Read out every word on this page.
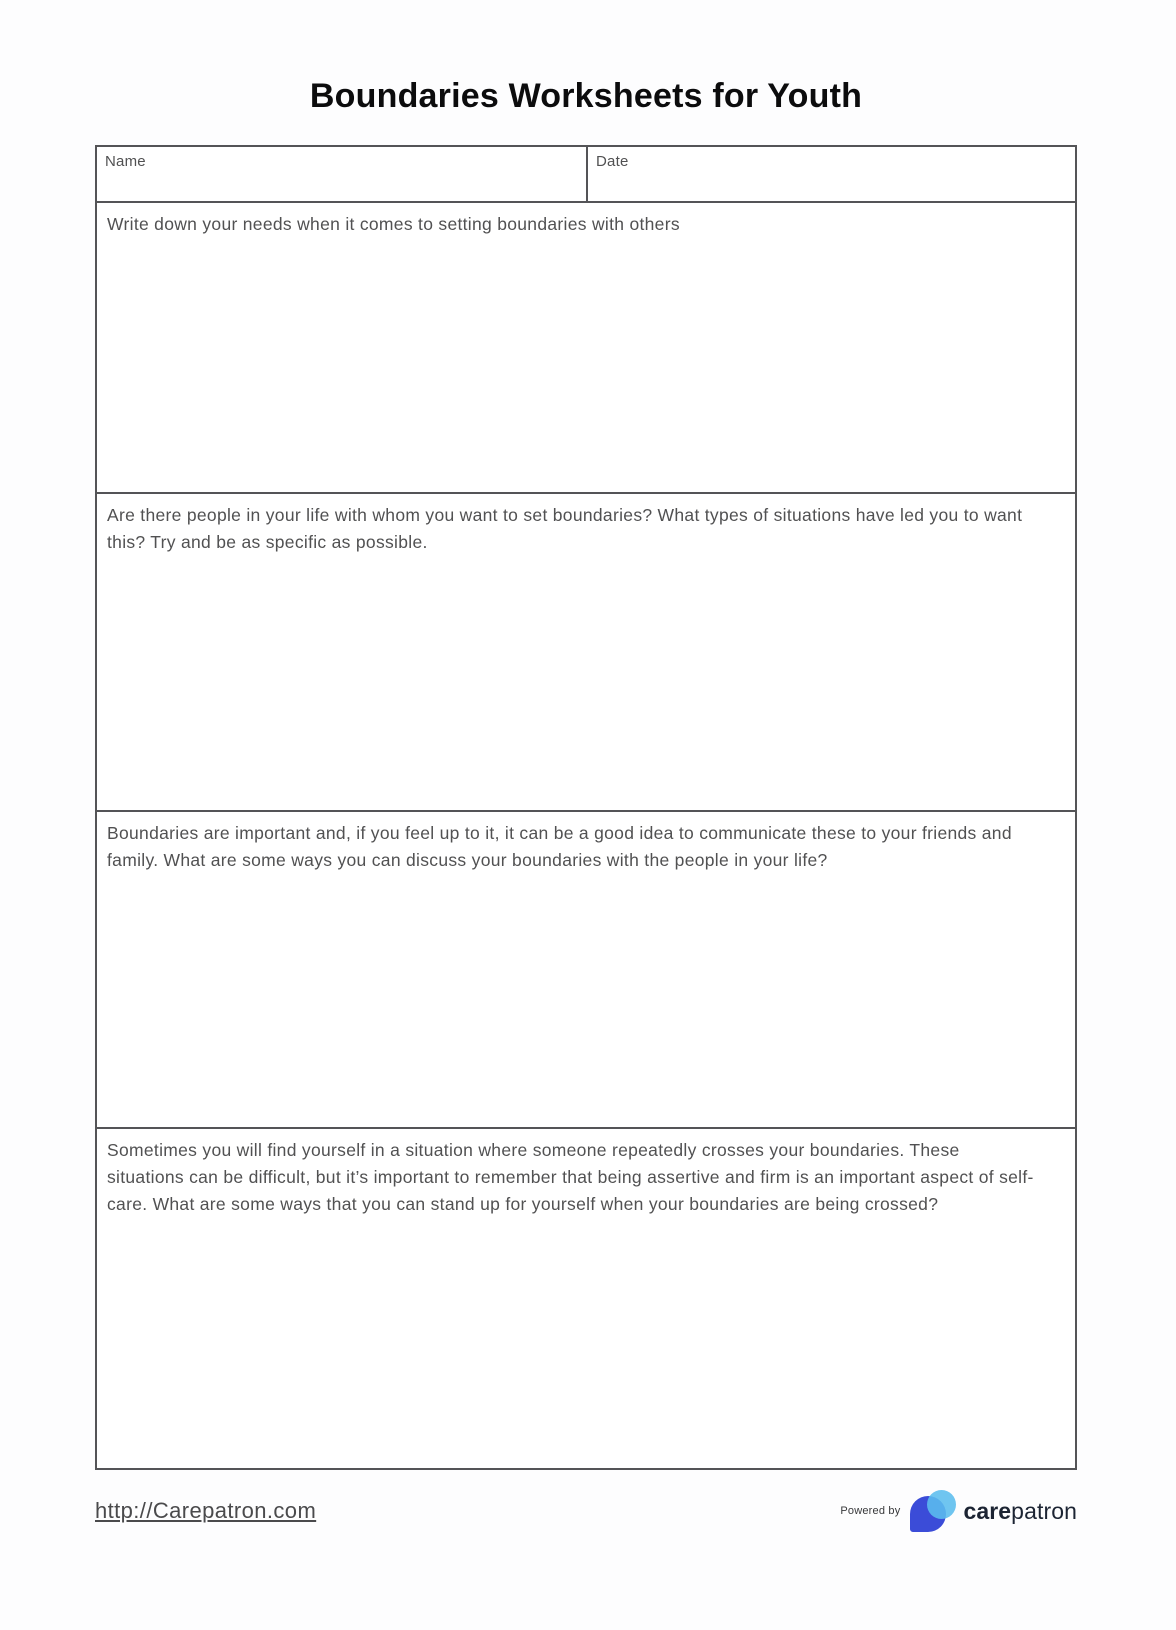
Boundaries Worksheets for Youth
Name	Date

Write down your needs when it comes to setting boundaries with others

Are there people in your life with whom you want to set boundaries? What types of situations have led you to want this? Try and be as specific as possible.

Boundaries are important and, if you feel up to it, it can be a good idea to communicate these to your friends and family. What are some ways you can discuss your boundaries with the people in your life?

Sometimes you will find yourself in a situation where someone repeatedly crosses your boundaries. These situations can be difficult, but it’s important to remember that being assertive and firm is an important aspect of self-care. What are some ways that you can stand up for yourself when your boundaries are being crossed?

http://Carepatron.com	Powered by	carepatron
